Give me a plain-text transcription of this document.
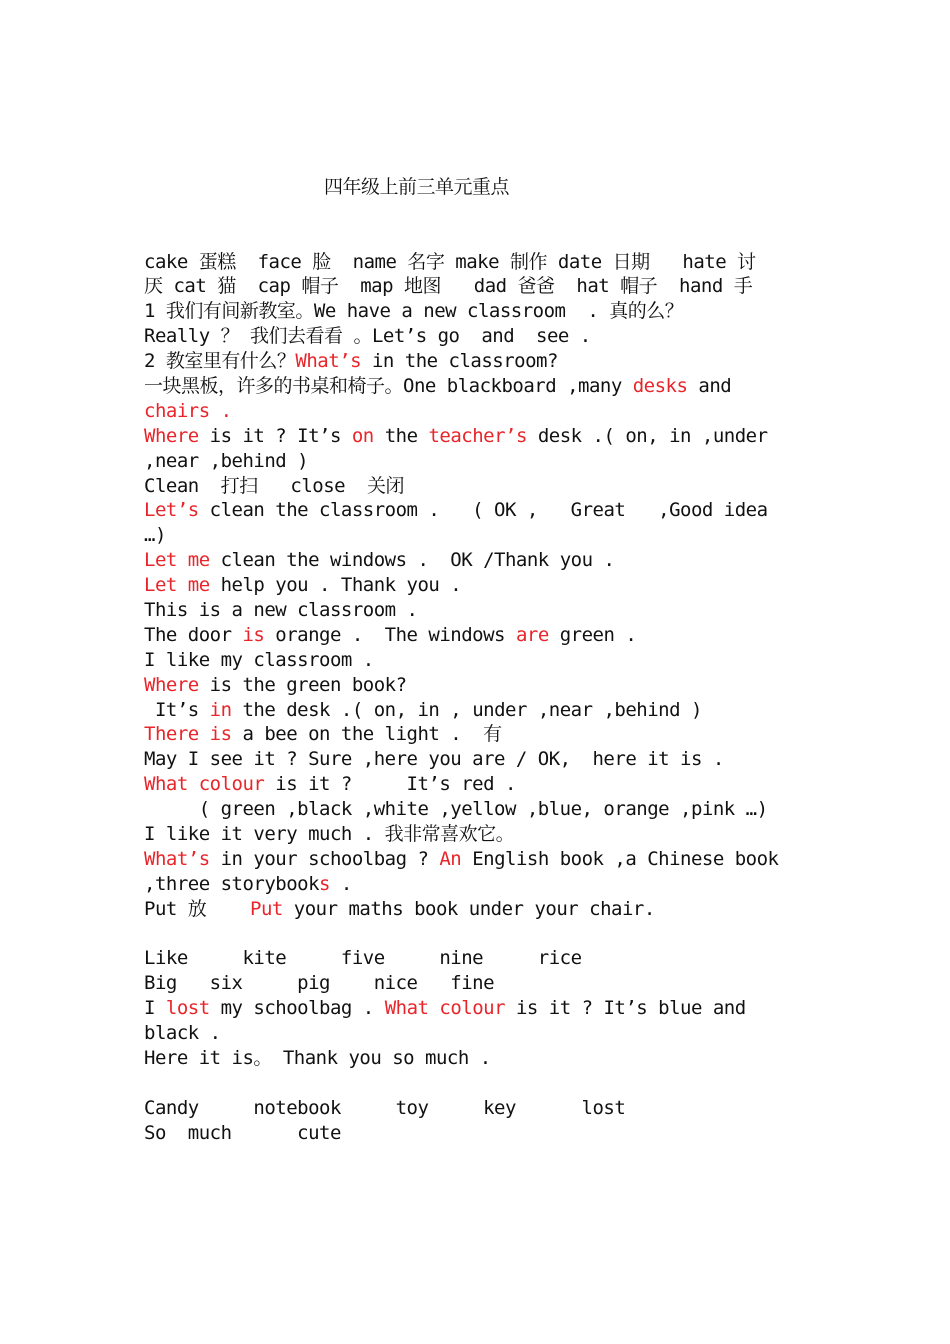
四年级上前三单元重点

cake 蛋糕  face 脸  name 名字 make 制作 date 日期   hate 讨
厌 cat 猫  cap 帽子  map 地图   dad 爸爸  hat 帽子  hand 手
1 我们有间新教室。We have a new classroom  . 真的么？
Really ？ 我们去看看 。Let’s go  and  see .
2 教室里有什么？What’s in the classroom?
一块黑板，许多的书桌和椅子。One blackboard ,many desks and
chairs .
Where is it ? It’s on the teacher’s desk .( on, in ,under
,near ,behind )
Clean  打扫   close  关闭
Let’s clean the classroom .   ( OK ,   Great   ,Good idea
…)
Let me clean the windows .  OK /Thank you .
Let me help you . Thank you .
This is a new classroom .
The door is orange .  The windows are green .
I like my classroom .
Where is the green book?
It’s in the desk .( on, in , under ,near ,behind )
There is a bee on the light .  有
May I see it ? Sure ,here you are / OK,  here it is .
What colour is it ?     It’s red .
( green ,black ,white ,yellow ,blue, orange ,pink …)
I like it very much . 我非常喜欢它。
What’s in your schoolbag ? An English book ,a Chinese book
,three storybooks .
Put 放    Put your maths book under your chair.
Like     kite     five     nine     rice
Big   six     pig    nice   fine
I lost my schoolbag . What colour is it ? It’s blue and
black .
Here it is。 Thank you so much .
Candy     notebook     toy     key      lost
So  much      cute
